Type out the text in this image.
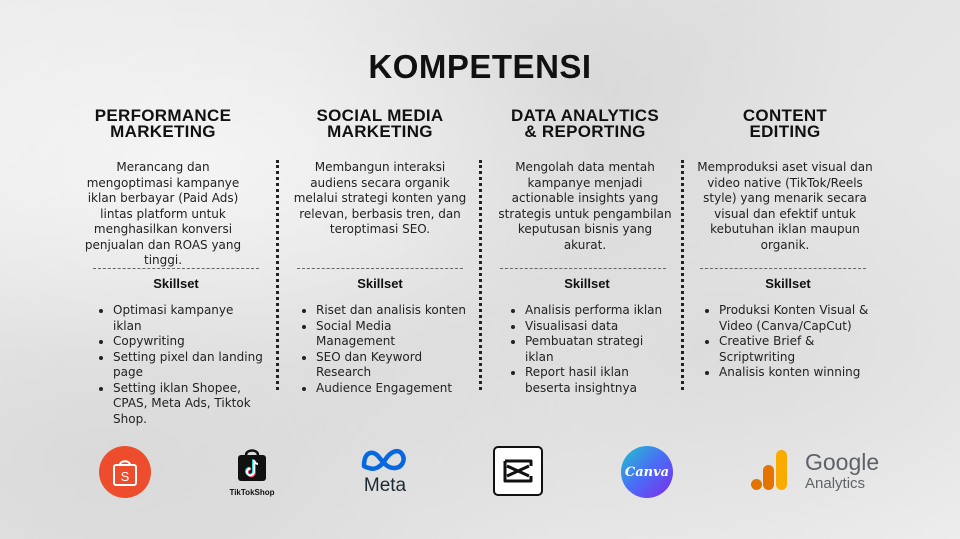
KOMPETENSI
PERFORMANCE
MARKETING
Merancang dan mengoptimasi kampanye iklan berbayar (Paid Ads) lintas platform untuk menghasilkan konversi penjualan dan ROAS yang tinggi.
Skillset
• Optimasi kampanye iklan
• Copywriting
• Setting pixel dan landing page
• Setting iklan Shopee, CPAS, Meta Ads, Tiktok Shop.
SOCIAL MEDIA
MARKETING
Membangun interaksi audiens secara organik melalui strategi konten yang relevan, berbasis tren, dan teroptimasi SEO.
Skillset
• Riset dan analisis konten
• Social Media Management
• SEO dan Keyword Research
• Audience Engagement
DATA ANALYTICS
& REPORTING
Mengolah data mentah kampanye menjadi actionable insights yang strategis untuk pengambilan keputusan bisnis yang akurat.
Skillset
• Analisis performa iklan
• Visualisasi data
• Pembuatan strategi iklan
• Report hasil iklan beserta insightnya
CONTENT
EDITING
Memproduksi aset visual dan video native (TikTok/Reels style) yang menarik secara visual dan efektif untuk kebutuhan iklan maupun organik.
Skillset
• Produksi Konten Visual & Video (Canva/CapCut)
• Creative Brief & Scriptwriting
• Analisis konten winning
S
TikTokShop	Meta
Canva	Google
Analytics
